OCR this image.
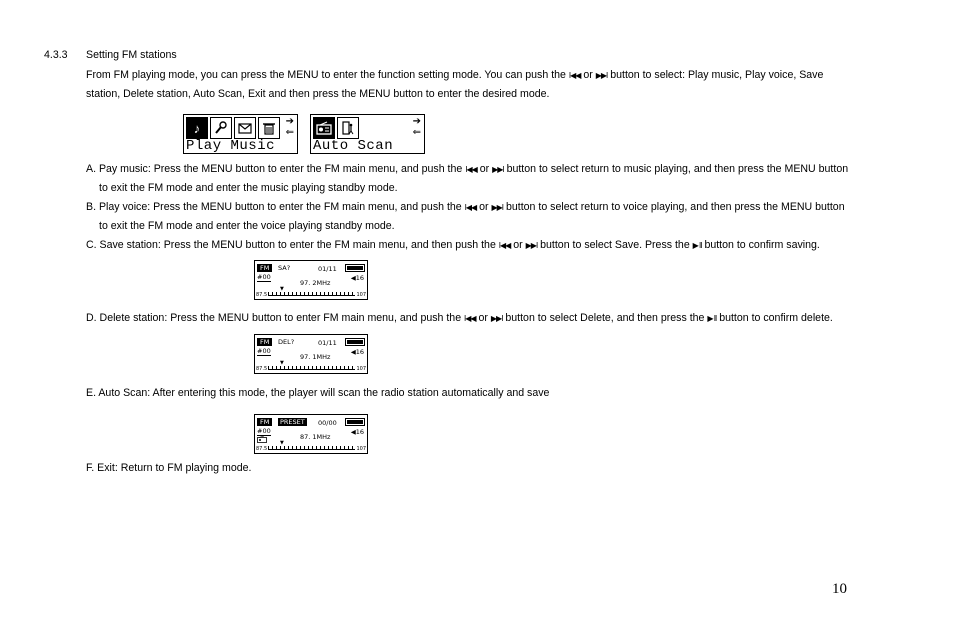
4.3.3 Setting FM stations
From FM playing mode, you can press the MENU to enter the function setting mode. You can push the I◀◀ or ▶▶I button to select: Play music, Play voice, Save
station, Delete station, Auto Scan, Exit and then press the MENU button to enter the desired mode.
♪	➔
⇐
Play Music
➔
⇐
Auto Scan
A. Pay music: Press the MENU button to enter the FM main menu, and push the I◀◀ or ▶▶I button to select return to music playing, and then press the MENU button
to exit the FM mode and enter the music playing standby mode.
B. Play voice: Press the MENU button to enter the FM main menu, and push the I◀◀ or ▶▶I button to select return to voice playing, and then press the MENU button
to exit the FM mode and enter the voice playing standby mode.
C. Save station: Press the MENU button to enter the FM main menu, and then push the I◀◀ or ▶▶I button to select Save. Press the ▶ II button to confirm saving.
FM	SA?	01/11
#00	◀16
97. 2MHz
▼
87.5	107
D. Delete station: Press the MENU button to enter FM main menu, and push the I◀◀ or ▶▶I button to select Delete, and then press the ▶ II button to confirm delete.
FM	DEL?	01/11
#00	◀16
97. 1MHz
▼
87.5	107
E. Auto Scan: After entering this mode, the player will scan the radio station automatically and save
FM	PRESET	00/00
#00	◀16
87. 1MHz
▼
87.5	107
F. Exit: Return to FM playing mode.
10
